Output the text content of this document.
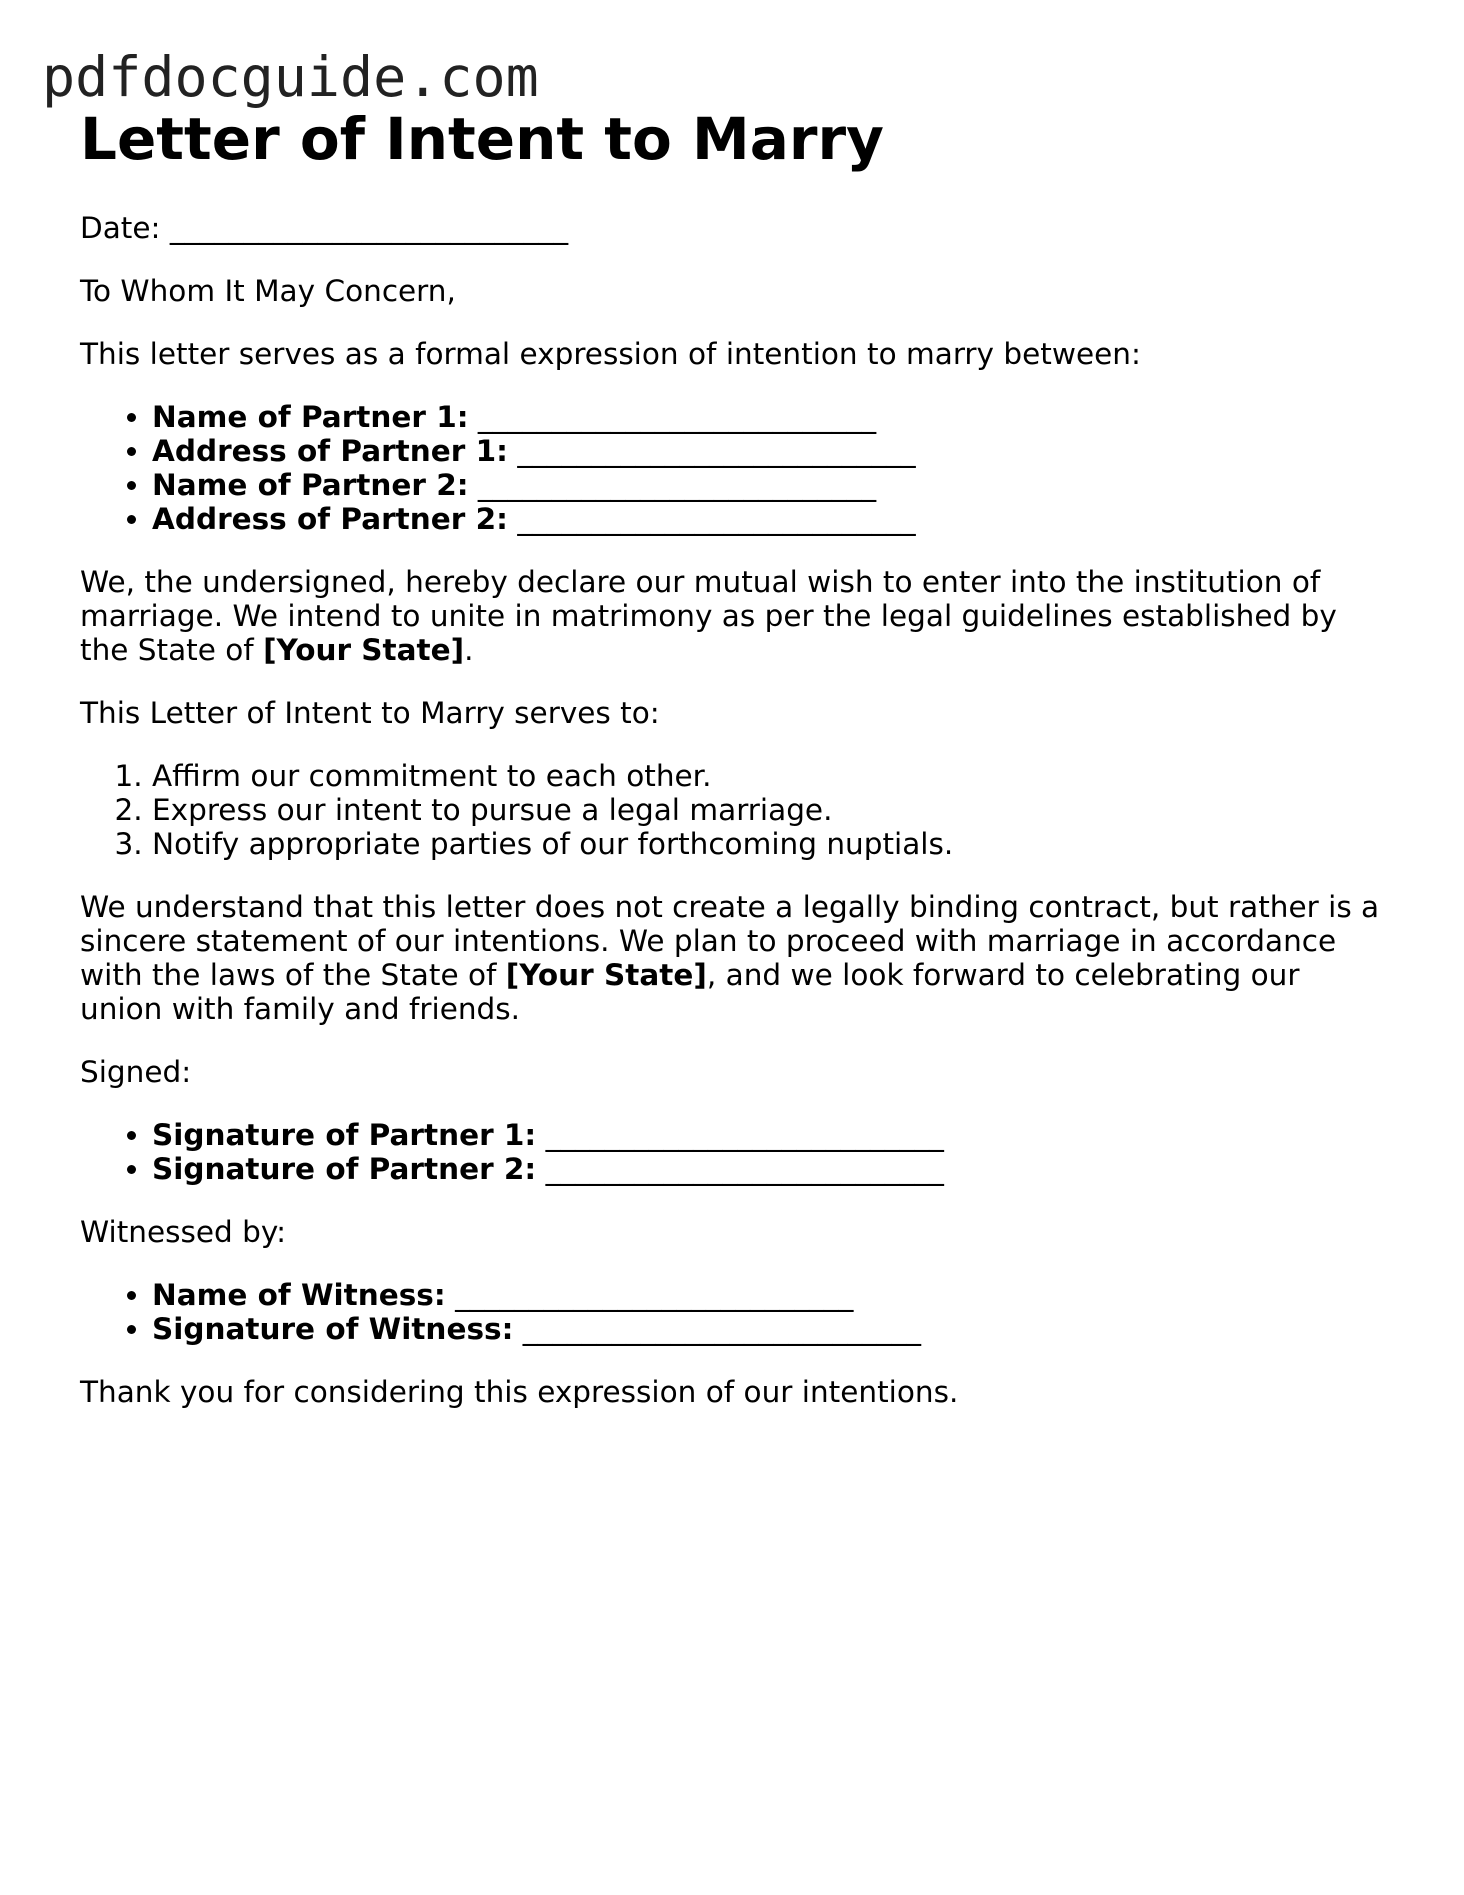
pdfdocguide.com
Letter of Intent to Marry

Date: ___________________________

To Whom It May Concern,

This letter serves as a formal expression of intention to marry between:

• Name of Partner 1: ___________________________
• Address of Partner 1: ___________________________
• Name of Partner 2: ___________________________
• Address of Partner 2: ___________________________

We, the undersigned, hereby declare our mutual wish to enter into the institution of marriage. We intend to unite in matrimony as per the legal guidelines established by the State of [Your State].

This Letter of Intent to Marry serves to:

1. Affirm our commitment to each other.
2. Express our intent to pursue a legal marriage.
3. Notify appropriate parties of our forthcoming nuptials.

We understand that this letter does not create a legally binding contract, but rather is a sincere statement of our intentions. We plan to proceed with marriage in accordance with the laws of the State of [Your State], and we look forward to celebrating our union with family and friends.

Signed:

• Signature of Partner 1: ___________________________
• Signature of Partner 2: ___________________________

Witnessed by:

• Name of Witness: ___________________________
• Signature of Witness: ___________________________

Thank you for considering this expression of our intentions.
